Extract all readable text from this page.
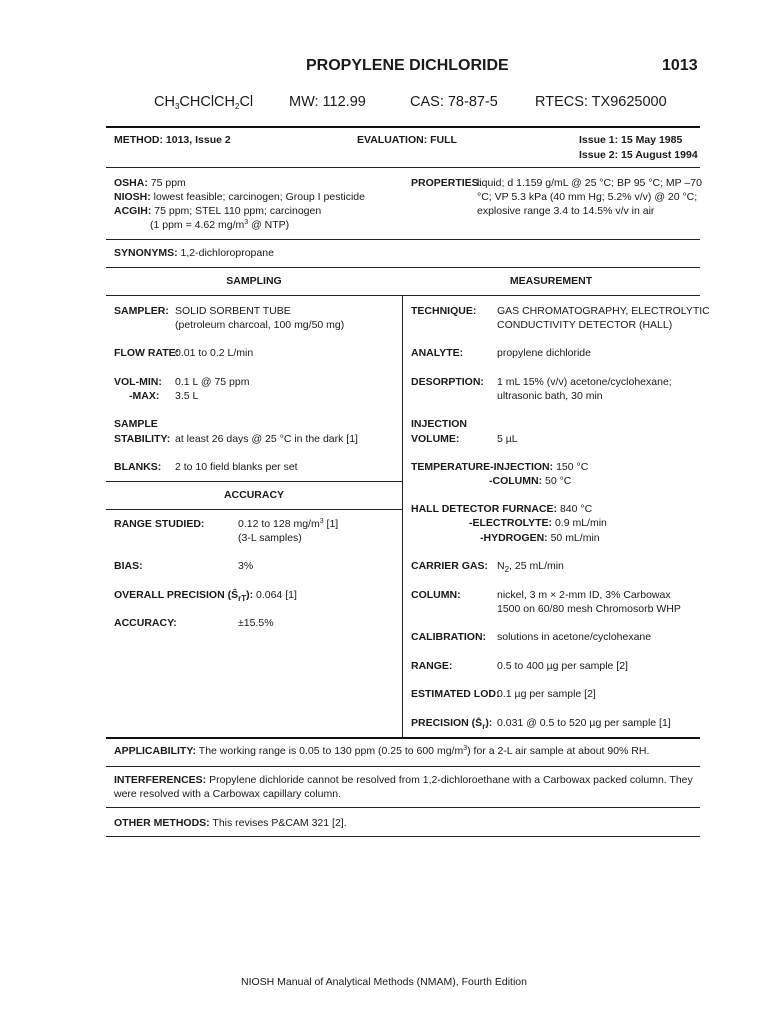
PROPYLENE DICHLORIDE	1013
$CH_3CHClCH_2Cl$ MW: 112.99	CAS: 78-87-5	RTECS: TX9625000
METHOD: 1013, Issue 2	EVALUATION: FULL	Issue 1: 15 May 1985
Issue 2: 15 August 1994
OSHA: 75 ppm
NIOSH: lowest feasible; carcinogen; Group I pesticide
ACGIH: 75 ppm; STEL 110 ppm; carcinogen
(1 ppm = 4.62 $mg/m^3$ @ NTP)
PROPERTIES:
liquid; d 1.159 g/mL @ 25 °C; BP 95 °C; MP –70
°C; VP 5.3 kPa (40 mm Hg; 5.2% v/v) @ 20 °C;
explosive range 3.4 to 14.5% v/v in air
SYNONYMS: 1,2-dichloropropane
SAMPLING	MEASUREMENT
ACCURACY
SAMPLER: SOLID SORBENT TUBE
(petroleum charcoal, 100 mg/50 mg)
FLOW RATE:
0.01 to 0.2 L/min
VOL-MIN: 0.1 L @ 75 ppm
-MAX: 3.5 L
SAMPLE
STABILITY: at least 26 days @ 25 °C in the dark [1]
BLANKS: 2 to 10 field blanks per set
RANGE STUDIED:	0.12 to 128 $mg/m^3$ [1]
(3-L samples)
BIAS:	3%
OVERALL PRECISION $(Ŝ_{rT})$: 0.064 [1]
ACCURACY:	±15.5%
TECHNIQUE: GAS CHROMATOGRAPHY, ELECTROLYTIC
CONDUCTIVITY DETECTOR (HALL)
ANALYTE:	propylene dichloride
DESORPTION: 1 mL 15% (v/v) acetone/cyclohexane;
ultrasonic bath, 30 min
INJECTION
VOLUME:	5 µL
TEMPERATURE-INJECTION: 150 °C
-COLUMN: 50 °C
HALL DETECTOR FURNACE: 840 °C
-ELECTROLYTE: 0.9 mL/min
-HYDROGEN: 50 mL/min
CARRIER GAS: $N_2$, 25 mL/min
COLUMN:	nickel, 3 m × 2-mm ID, 3% Carbowax
1500 on 60/80 mesh Chromosorb WHP
CALIBRATION: solutions in acetone/cyclohexane
RANGE:	0.5 to 400 µg per sample [2]
ESTIMATED LOD:
0.1 µg per sample [2]
PRECISION $(S̄_r)$: 0.031 @ 0.5 to 520 µg per sample [1]
APPLICABILITY: The working range is 0.05 to 130 ppm (0.25 to 600 $mg/m^3$) for a 2-L air sample at about 90% RH.
INTERFERENCES: Propylene dichloride cannot be resolved from 1,2-dichloroethane with a Carbowax packed column. They
were resolved with a Carbowax capillary column.
OTHER METHODS: This revises P&CAM 321 [2].
NIOSH Manual of Analytical Methods (NMAM), Fourth Edition
